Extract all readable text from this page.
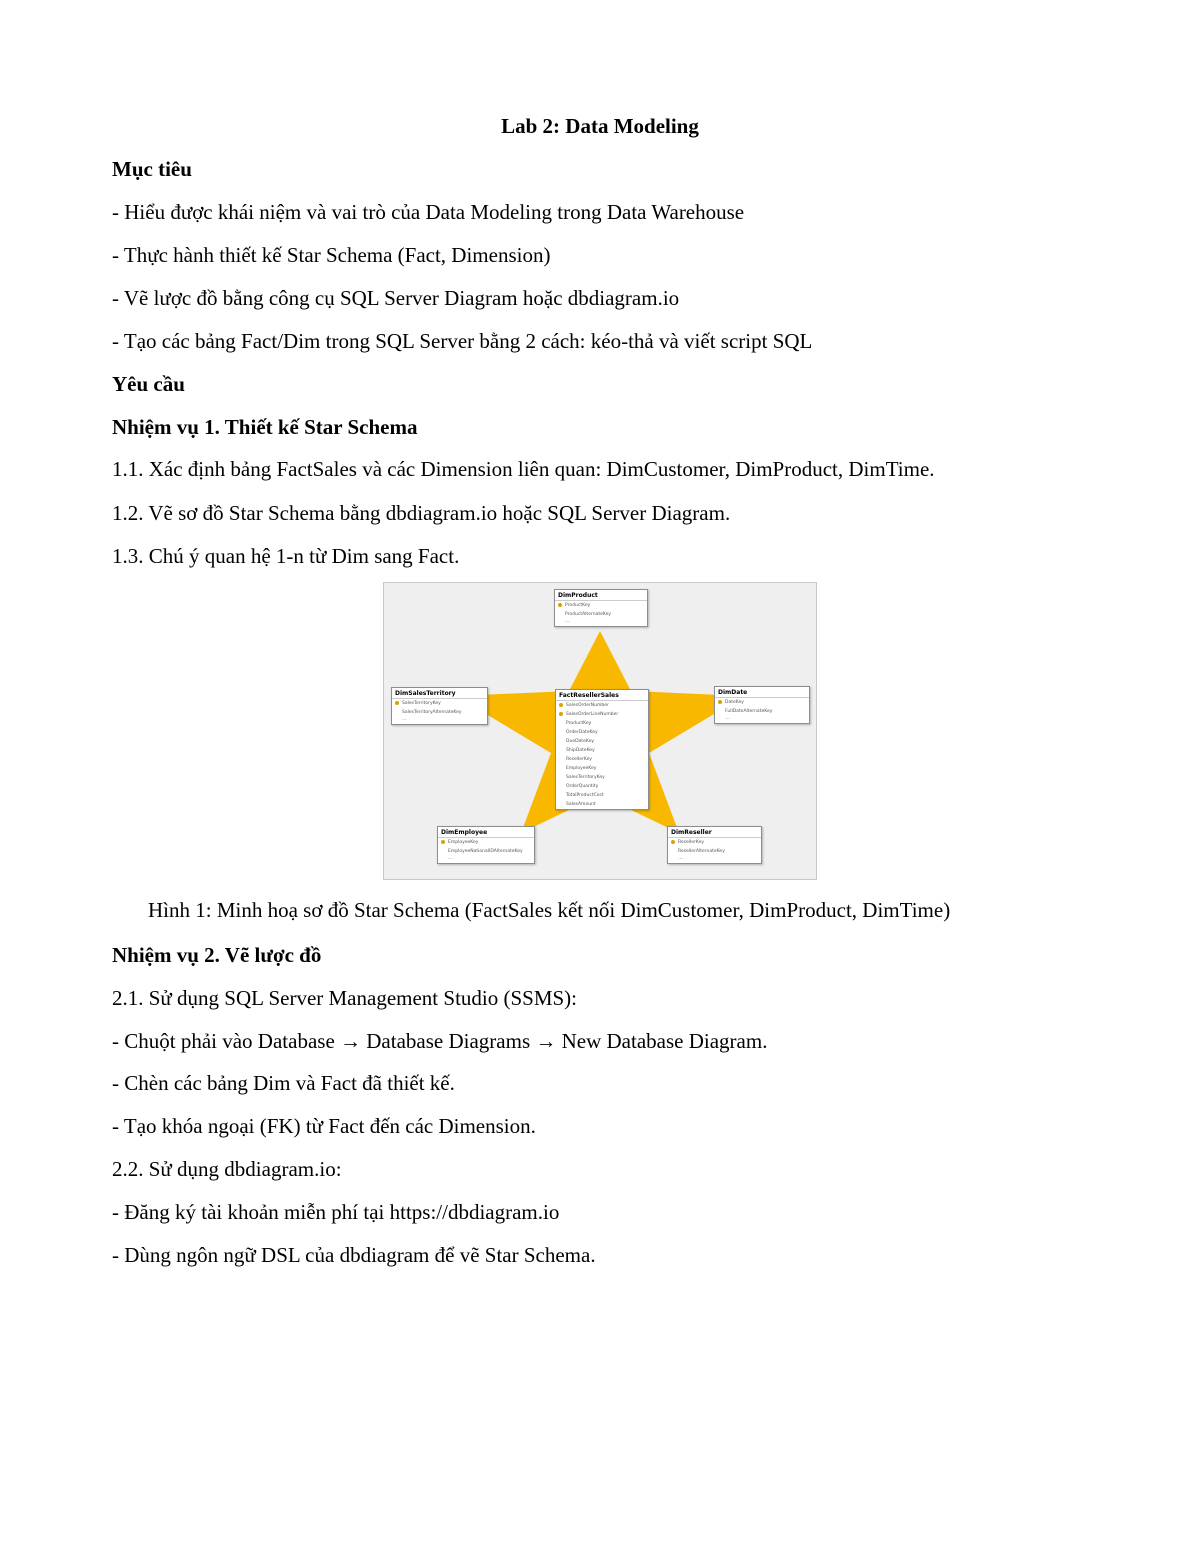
Lab 2: Data Modeling
Mục tiêu
- Hiểu được khái niệm và vai trò của Data Modeling trong Data Warehouse
- Thực hành thiết kế Star Schema (Fact, Dimension)
- Vẽ lược đồ bằng công cụ SQL Server Diagram hoặc dbdiagram.io
- Tạo các bảng Fact/Dim trong SQL Server bằng 2 cách: kéo-thả và viết script SQL
Yêu cầu
Nhiệm vụ 1. Thiết kế Star Schema
1.1. Xác định bảng FactSales và các Dimension liên quan: DimCustomer, DimProduct, DimTime.
1.2. Vẽ sơ đồ Star Schema bằng dbdiagram.io hoặc SQL Server Diagram.
1.3. Chú ý quan hệ 1-n từ Dim sang Fact.
DimProduct
ProductKey
ProductAlternateKey
...
DimSalesTerritory
SalesTerritoryKey
SalesTerritoryAlternateKey
...
FactResellerSales
SalesOrderNumber
SalesOrderLineNumber
ProductKey
OrderDateKey
DueDateKey
ShipDateKey
ResellerKey
EmployeeKey
SalesTerritoryKey
OrderQuantity
TotalProductCost
SalesAmount
DimDate
DateKey
FullDateAlternateKey
...
DimEmployee
EmployeeKey
EmployeeNationalIDAlternateKey
...
DimReseller
ResellerKey
ResellerAlternateKey
...
Hình 1: Minh hoạ sơ đồ Star Schema (FactSales kết nối DimCustomer, DimProduct, DimTime)
Nhiệm vụ 2. Vẽ lược đồ
2.1. Sử dụng SQL Server Management Studio (SSMS):
- Chuột phải vào Database → Database Diagrams → New Database Diagram.
- Chèn các bảng Dim và Fact đã thiết kế.
- Tạo khóa ngoại (FK) từ Fact đến các Dimension.
2.2. Sử dụng dbdiagram.io:
- Đăng ký tài khoản miễn phí tại https://dbdiagram.io
- Dùng ngôn ngữ DSL của dbdiagram để vẽ Star Schema.
